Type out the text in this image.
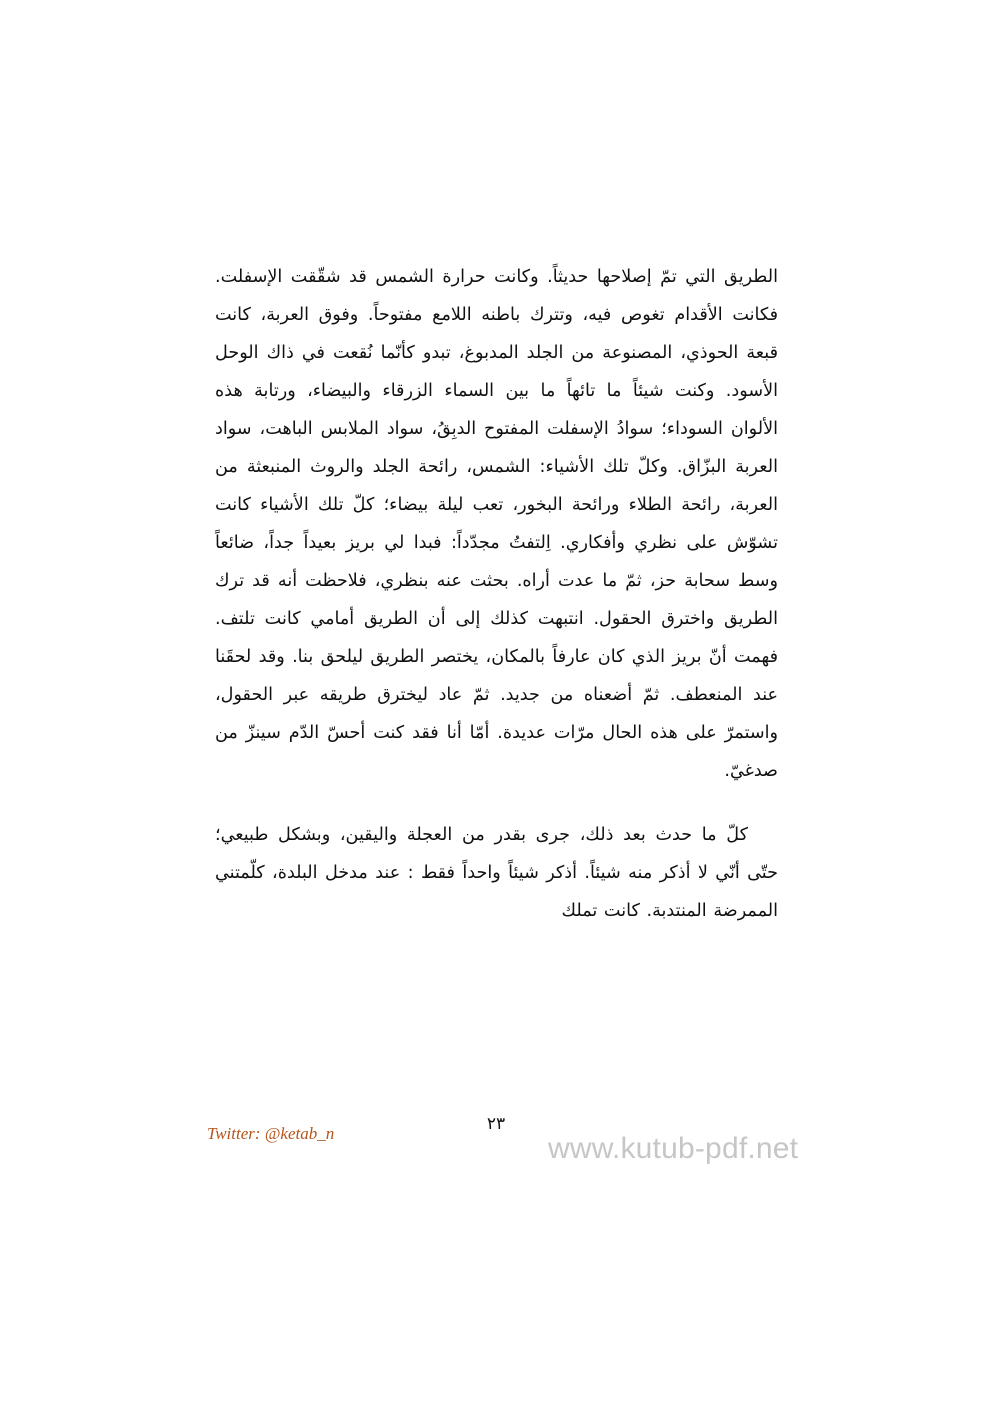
الطريق التي تمّ إصلاحها حديثاً. وكانت حرارة الشمس قد شقّقت الإسفلت. فكانت الأقدام تغوص فيه، وتترك باطنه اللامع مفتوحاً. وفوق العربة، كانت قبعة الحوذي، المصنوعة من الجلد المدبوغ، تبدو كأنّما نُقعت في ذاك الوحل الأسود. وكنت شيئاً ما تائهاً ما بين السماء الزرقاء والبيضاء، ورتابة هذه الألوان السوداء؛ سوادُ الإسفلت المفتوح الدبِقُ، سواد الملابس الباهت، سواد العربة البزّاق. وكلّ تلك الأشياء: الشمس، رائحة الجلد والروث المنبعثة من العربة، رائحة الطلاء ورائحة البخور، تعب ليلة بيضاء؛ كلّ تلك الأشياء كانت تشوّش على نظري وأفكاري. اِلتفتُ مجدّداً: فبدا لي بريز بعيداً جداً، ضائعاً وسط سحابة حز، ثمّ ما عدت أراه. بحثت عنه بنظري، فلاحظت أنه قد ترك الطريق واخترق الحقول. انتبهت كذلك إلى أن الطريق أمامي كانت تلتف. فهمت أنّ بريز الذي كان عارفاً بالمكان، يختصر الطريق ليلحق بنا. وقد لحقَنا عند المنعطف. ثمّ أضعناه من جديد. ثمّ عاد ليخترق طريقه عبر الحقول، واستمرّ على هذه الحال مرّات عديدة. أمّا أنا فقد كنت أحسّ الدّم سينزّ من صدغيّ.

كلّ ما حدث بعد ذلك، جرى بقدر من العجلة واليقين، وبشكل طبيعي؛ حتّى أنّي لا أذكر منه شيئاً. أذكر شيئاً واحداً فقط : عند مدخل البلدة، كلّمتني الممرضة المنتدبة. كانت تملك

Twitter: @ketab_n	٢٣
www.kutub-pdf.net
